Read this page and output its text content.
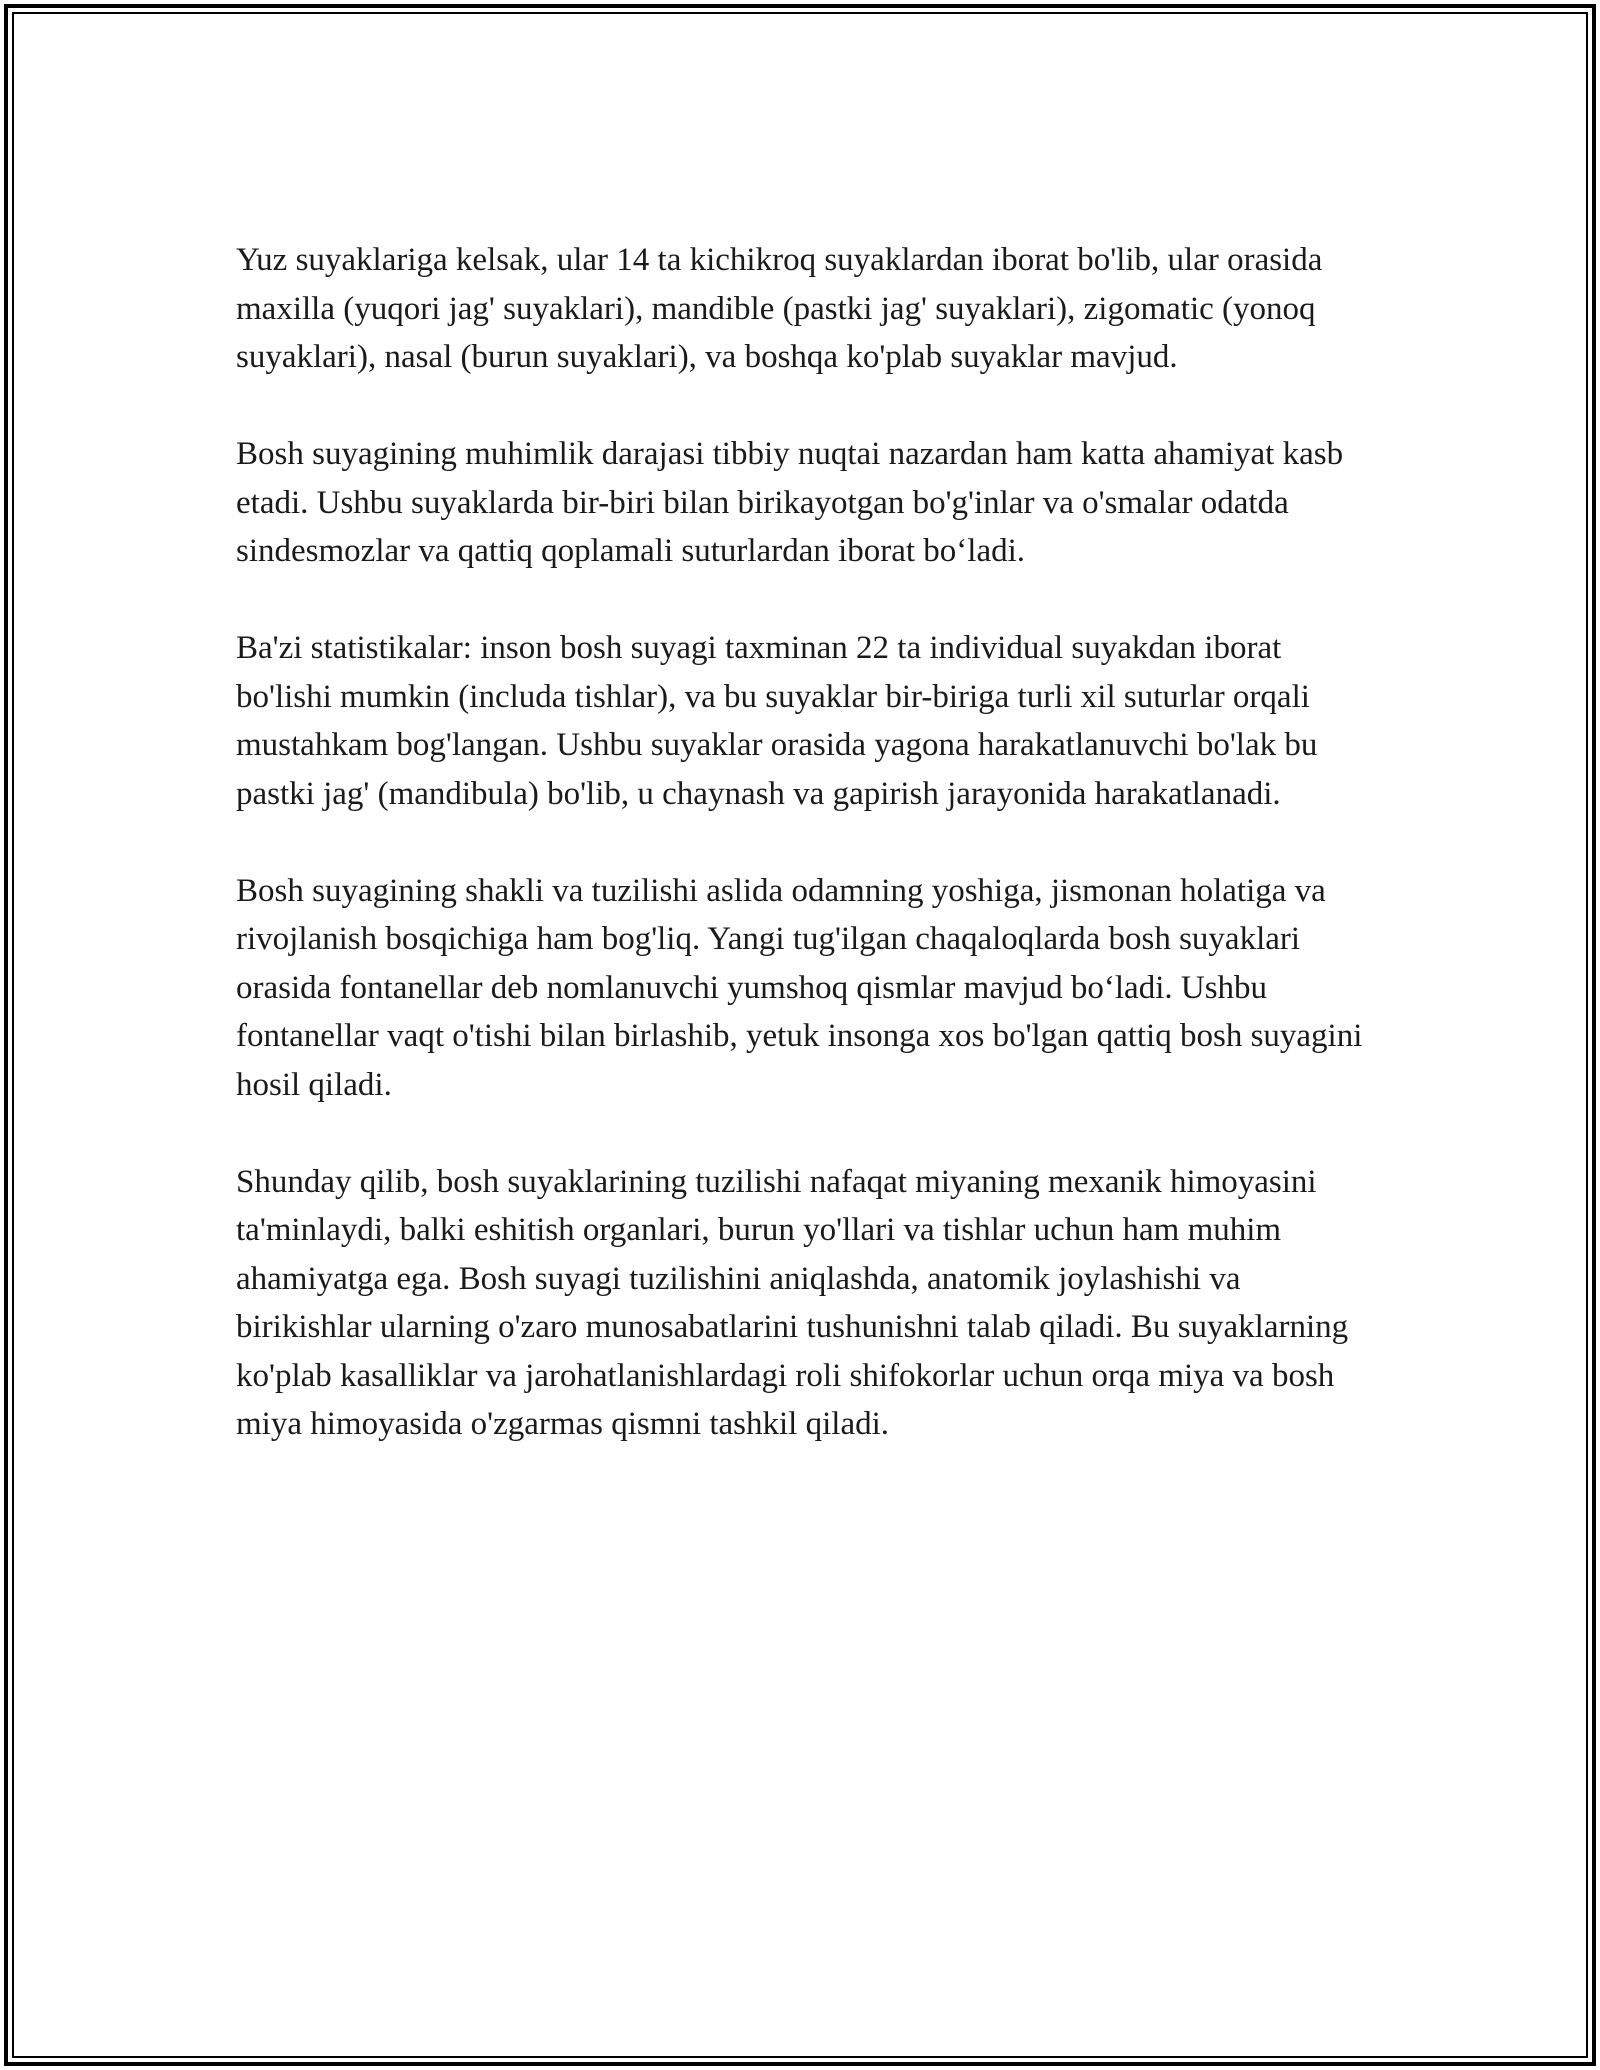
Yuz suyaklariga kelsak, ular 14 ta kichikroq suyaklardan iborat bo'lib, ular orasida maxilla (yuqori jag' suyaklari), mandible (pastki jag' suyaklari), zigomatic (yonoq suyaklari), nasal (burun suyaklari), va boshqa ko'plab suyaklar mavjud.

Bosh suyagining muhimlik darajasi tibbiy nuqtai nazardan ham katta ahamiyat kasb etadi. Ushbu suyaklarda bir-biri bilan birikayotgan bo'g'inlar va o'smalar odatda sindesmozlar va qattiq qoplamali suturlardan iborat bo‘ladi.

Ba'zi statistikalar: inson bosh suyagi taxminan 22 ta individual suyakdan iborat bo'lishi mumkin (includa tishlar), va bu suyaklar bir-biriga turli xil suturlar orqali mustahkam bog'langan. Ushbu suyaklar orasida yagona harakatlanuvchi bo'lak bu pastki jag' (mandibula) bo'lib, u chaynash va gapirish jarayonida harakatlanadi.

Bosh suyagining shakli va tuzilishi aslida odamning yoshiga, jismonan holatiga va rivojlanish bosqichiga ham bog'liq. Yangi tug'ilgan chaqaloqlarda bosh suyaklari orasida fontanellar deb nomlanuvchi yumshoq qismlar mavjud bo‘ladi. Ushbu fontanellar vaqt o'tishi bilan birlashib, yetuk insonga xos bo'lgan qattiq bosh suyagini hosil qiladi.

Shunday qilib, bosh suyaklarining tuzilishi nafaqat miyaning mexanik himoyasini ta'minlaydi, balki eshitish organlari, burun yo'llari va tishlar uchun ham muhim ahamiyatga ega. Bosh suyagi tuzilishini aniqlashda, anatomik joylashishi va birikishlar ularning o'zaro munosabatlarini tushunishni talab qiladi. Bu suyaklarning ko'plab kasalliklar va jarohatlanishlardagi roli shifokorlar uchun orqa miya va bosh miya himoyasida o'zgarmas qismni tashkil qiladi.
